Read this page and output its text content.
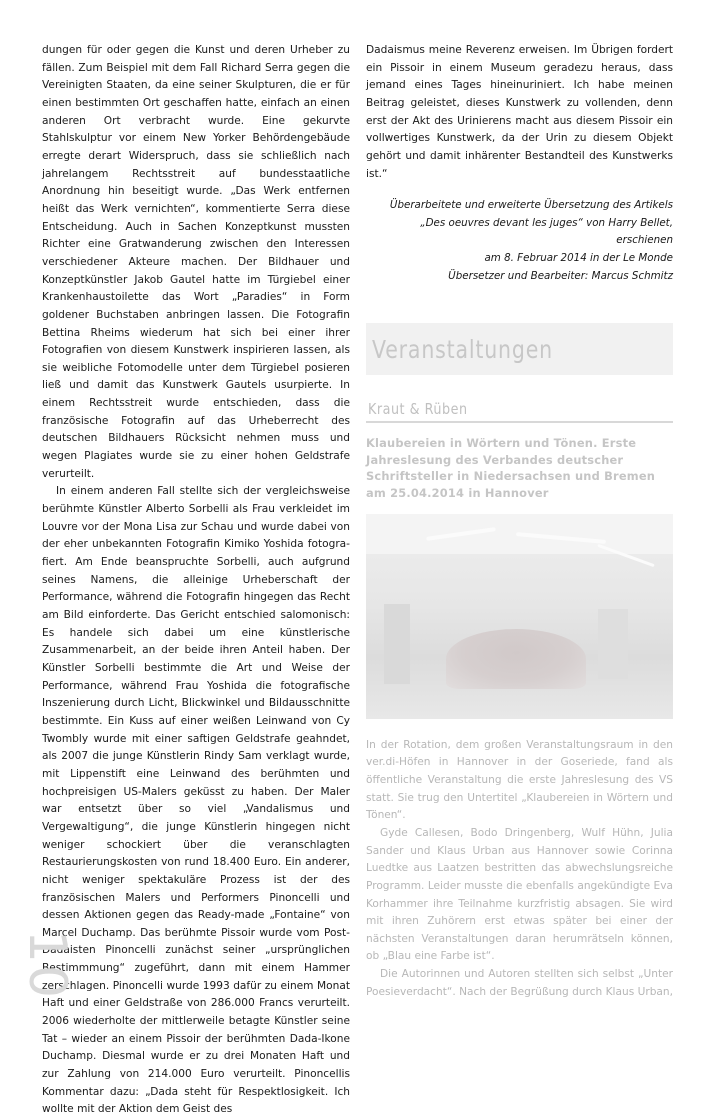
dungen für oder gegen die Kunst und deren Urheber zu fällen. Zum Beispiel mit dem Fall Richard Serra gegen die Vereinigten Staaten, da eine seiner Skulpturen, die er für einen bestimmten Ort geschaffen hatte, einfach an einen anderen Ort verbracht wurde. Eine gekurvte Stahlskulptur vor einem New Yorker Behördengebäude erregte derart Widerspruch, dass sie schließlich nach jahrelangem Rechtsstreit auf bundesstaatliche Anordnung hin beseitigt wurde. „Das Werk entfernen heißt das Werk vernichten“, kommentierte Serra diese Entscheidung. Auch in Sachen Konzeptkunst mussten Richter eine Gratwanderung zwischen den Interessen verschiedener Akteure machen. Der Bildhauer und Konzeptkünstler Jakob Gautel hatte im Türgiebel einer Krankenhaustoilette das Wort „Paradies“ in Form goldener Buchstaben anbringen lassen. Die Fotografin Bettina Rheims wiederum hat sich bei einer ihrer Fotografien von diesem Kunstwerk inspirieren lassen, als sie weibliche Fotomodelle unter dem Türgiebel posieren ließ und damit das Kunstwerk Gautels usurpierte. In einem Rechtsstreit wurde entschieden, dass die französische Fotografin auf das Urheberrecht des deutschen Bildhauers Rücksicht nehmen muss und wegen Plagiates wurde sie zu einer hohen Geldstrafe verurteilt.

In einem anderen Fall stellte sich der vergleichsweise berühmte Künstler Alberto Sorbelli als Frau verkleidet im Louvre vor der Mona Lisa zur Schau und wurde dabei von der eher unbekannten Fotografin Kimiko Yoshida fotografiert. Am Ende beanspruchte Sorbelli, auch aufgrund seines Namens, die alleinige Urheberschaft der Performance, während die Fotografin hingegen das Recht am Bild einforderte. Das Gericht entschied salomonisch: Es handele sich dabei um eine künstlerische Zusammenarbeit, an der beide ihren Anteil haben. Der Künstler Sorbelli bestimmte die Art und Weise der Performance, während Frau Yoshida die fotografische Inszenierung durch Licht, Blickwinkel und Bildausschnitte bestimmte. Ein Kuss auf einer weißen Leinwand von Cy Twombly wurde mit einer saftigen Geldstrafe geahndet, als 2007 die junge Künstlerin Rindy Sam verklagt wurde, mit Lippenstift eine Leinwand des berühmten und hochpreisigen US-Malers geküsst zu haben. Der Maler war entsetzt über so viel „Vandalismus und Vergewaltigung“, die junge Künstlerin hingegen nicht weniger schockiert über die veranschlagten Restaurierungskosten von rund 18.400 Euro. Ein anderer, nicht weniger spektakuläre Prozess ist der des französischen Malers und Performers Pinoncelli und dessen Aktionen gegen das Ready-made „Fontaine“ von Marcel Duchamp. Das berühmte Pissoir wurde vom Post-Dadaisten Pinoncelli zunächst seiner „ursprünglichen Bestimmmung“ zugeführt, dann mit einem Hammer zerschlagen. Pinoncelli wurde 1993 dafür zu einem Monat Haft und einer Geldstraße von 286.000 Francs verurteilt. 2006 wiederholte der mittlerweile betagte Künstler seine Tat – wieder an einem Pissoir der berühmten Dada-Ikone Duchamp. Diesmal wurde er zu drei Monaten Haft und zur Zahlung von 214.000 Euro verurteilt. Pinoncellis Kommentar dazu: „Dada steht für Respektlosigkeit. Ich wollte mit der Aktion dem Geist des

Dadaismus meine Reverenz erweisen. Im Übrigen fordert ein Pissoir in einem Museum geradezu heraus, dass jemand eines Tages hineinuriniert. Ich habe meinen Beitrag geleistet, dieses Kunstwerk zu vollenden, denn erst der Akt des Urinierens macht aus diesem Pissoir ein vollwertiges Kunstwerk, da der Urin zu diesem Objekt gehört und damit inhärenter Bestandteil des Kunstwerks ist.“

Überarbeitete und erweiterte Übersetzung des Artikels
„Des oeuvres devant les juges“ von Harry Bellet, erschienen
am 8. Februar 2014 in der Le Monde
Übersetzer und Bearbeiter: Marcus Schmitz
Veranstaltungen
Kraut & Rüben

Klaubereien in Wörtern und Tönen. Erste Jahreslesung des Verbandes deutscher Schriftsteller in Niedersachsen und Bremen am 25.04.2014 in Hannover

In der Rotation, dem großen Veranstaltungsraum in den ver.di-Höfen in Hannover in der Goseriede, fand als öffentliche Veranstaltung die erste Jahreslesung des VS statt. Sie trug den Untertitel „Klaubereien in Wörtern und Tönen“.

Gyde Callesen, Bodo Dringenberg, Wulf Hühn, Julia Sander und Klaus Urban aus Hannover sowie Corinna Luedtke aus Laatzen bestritten das abwechslungsreiche Programm. Leider musste die ebenfalls angekündigte Eva Korhammer ihre Teilnahme kurzfristig absagen. Sie wird mit ihren Zuhörern erst etwas später bei einer der nächsten Veranstaltungen daran herumrätseln können, ob „Blau eine Farbe ist“.

Die Autorinnen und Autoren stellten sich selbst „Unter Poesieverdacht“. Nach der Begrüßung durch Klaus Urban,

10
